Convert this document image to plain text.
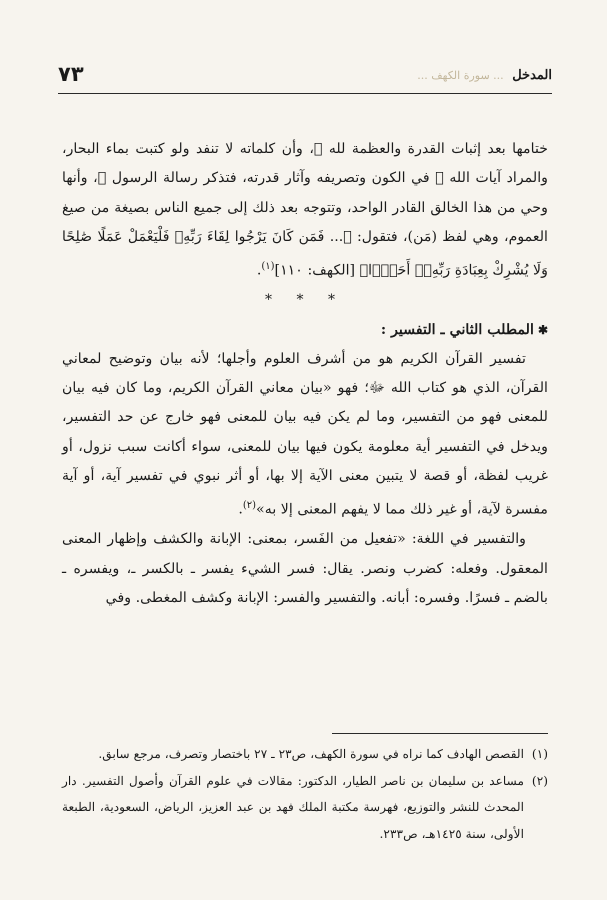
٧٣	المدخل ... سورة الكهف ...

ختامها بعد إثبات القدرة والعظمة لله ﷻ، وأن كلماته لا تنفد ولو كتبت بماء البحار، والمراد آيات الله ﷻ في الكون وتصريفه وآثار قدرته، فتذكر رسالة الرسول ﷺ، وأنها وحي من هذا الخالق القادر الواحد، وتتوجه بعد ذلك إلى جميع الناس بصيغة من صيغ العموم، وهي لفظ (مَن)، فتقول: ﴿... فَمَن كَانَ يَرْجُوا لِقَاءَ رَبِّهِۦ فَلْيَعْمَلْ عَمَلًا صَٰلِحًا وَلَا يُشْرِكْ بِعِبَادَةِ رَبِّهِۦٓ أَحَدًۢا﴾ [الكهف: ١١٠]$^{(١)}$.

* * *

✱المطلب الثاني ـ التفسير :

تفسير القرآن الكريم هو من أشرف العلوم وأجلها؛ لأنه بيان وتوضيح لمعاني القرآن، الذي هو كتاب الله ﷻ؛ فهو «بيان معاني القرآن الكريم، وما كان فيه بيان للمعنى فهو من التفسير، وما لم يكن فيه بيان للمعنى فهو خارج عن حد التفسير، ويدخل في التفسير أية معلومة يكون فيها بيان للمعنى، سواء أكانت سبب نزول، أو غريب لفظة، أو قصة لا يتبين معنى الآية إلا بها، أو أثر نبوي في تفسير آية، أو آية مفسرة لآية، أو غير ذلك مما لا يفهم المعنى إلا به»$^{(٢)}$.

والتفسير في اللغة: «تفعيل من الفَسر، بمعنى: الإبانة والكشف وإظهار المعنى المعقول. وفعله: كضرب ونصر. يقال: فسر الشيء يفسر ـ بالكسر ـ، ويفسره ـ بالضم ـ فسرًا. وفسره: أبانه. والتفسير والفسر: الإبانة وكشف المغطى. وفي

(١)
القصص الهادف كما نراه في سورة الكهف، ص٢٣ ـ ٢٧ باختصار وتصرف، مرجع سابق.
(٢)
مساعد بن سليمان بن ناصر الطيار، الدكتور: مقالات في علوم القرآن وأصول التفسير. دار المحدث للنشر والتوزيع، فهرسة مكتبة الملك فهد بن عبد العزيز، الرياض، السعودية، الطبعة الأولى، سنة ١٤٢٥هـ، ص٢٣٣.
